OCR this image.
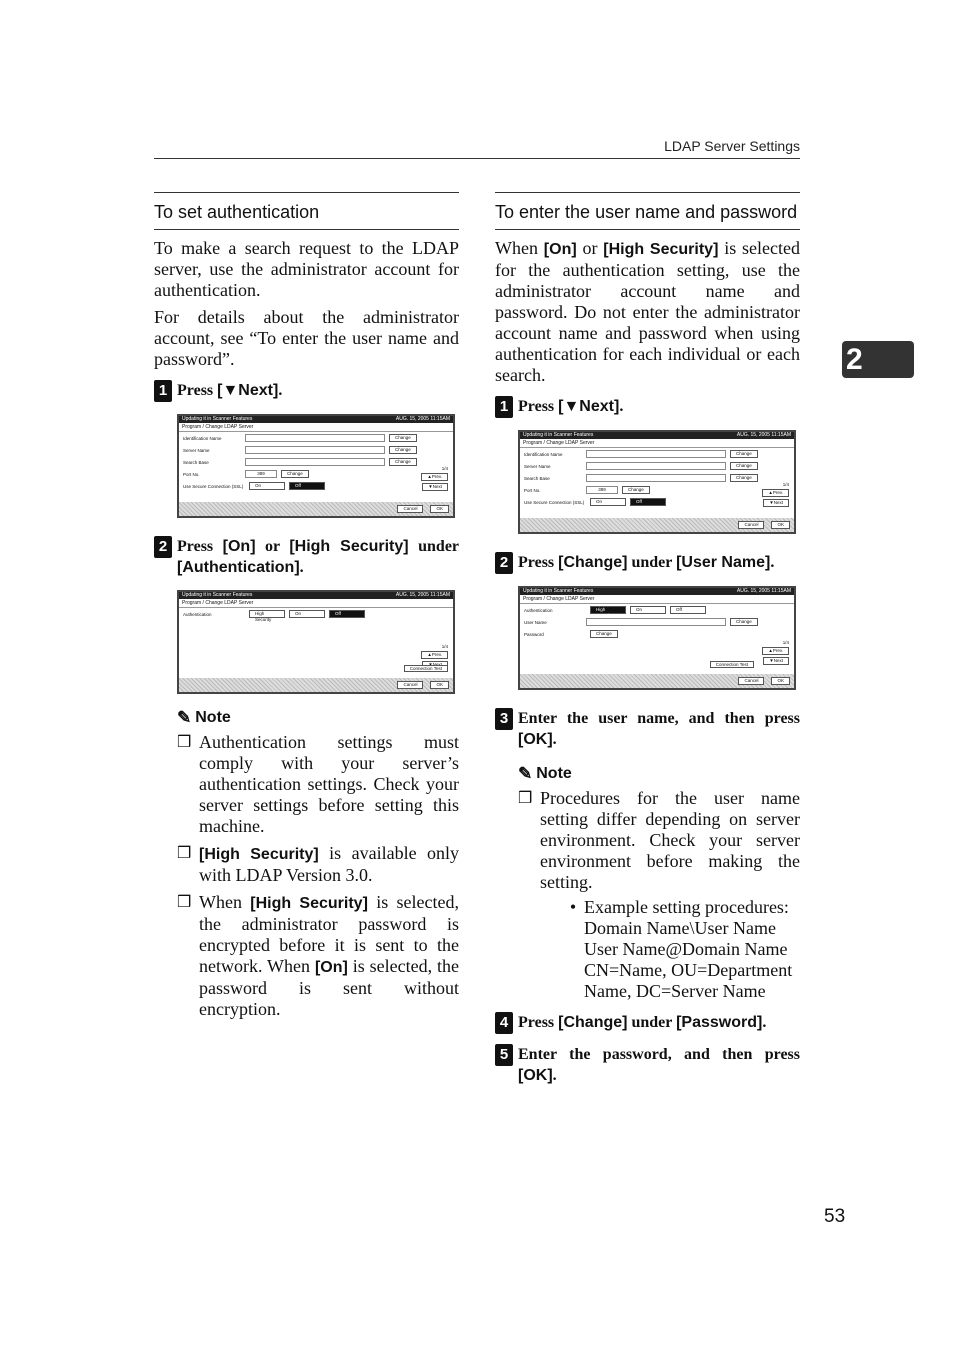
LDAP Server Settings
2
To set authentication

To make a search request to the LDAP server, use the administrator account for authentication.

For details about the administrator account, see “To enter the user name and password”.

1 Press [▼Next].
Updating it in Scanner Features	AUG. 15, 2005 11:15AM
Program / Change LDAP Server
Identification Name	Change
Server Name	Change
Search Base	Change
Port No.	389	Change
Use Secure Connection (SSL)	On	Off
1/4
▲Prev.
▼Next
Cancel	OK
2 Press [On] or [High Security] under [Authentication].
Updating it in Scanner Features	AUG. 15, 2005 11:15AM
Program / Change LDAP Server
Authentication	High Security
On	Off
1/4
▲Prev.
Connection Test
Cancel	OK
✎ Note
❒ Authentication settings must comply with your server’s authentication settings. Check your server settings before setting this machine.
❒ [High Security] is available only with LDAP Version 3.0.
❒ When [High Security] is selected, the administrator password is encrypted before it is sent to the network. When [On] is selected, the password is sent without encryption.
To enter the user name and password

When [On] or [High Security] is selected for the authentication setting, use the administrator account name and password. Do not enter the administrator account name and password when using authentication for each individual or each search.

1 Press [▼Next].
Updating it in Scanner Features	AUG. 15, 2005 11:15AM
Program / Change LDAP Server
Identification Name	Change
Server Name	Change
Search Base	Change
Port No.	389	Change
Use Secure Connection (SSL)	On	Off
1/4
▲Prev.
▼Next
Cancel	OK
2 Press [Change] under [User Name].
Updating it in Scanner Features	AUG. 15, 2005 11:15AM
Program / Change LDAP Server
Authentication	High Security
On	Off
User Name	Change
Password	Change
1/4
▲Prev.
▼Next
Connection Test
Cancel	OK
3 Enter the user name, and then press [OK].
✎ Note
❒ Procedures for the user name setting differ depending on server environment. Check your server environment before making the setting.
• Example setting procedures:
Domain Name\User Name
User Name@Domain Name
CN=Name, OU=Department Name, DC=Server Name
4 Press [Change] under [Password].
5 Enter the password, and then press [OK].
53
